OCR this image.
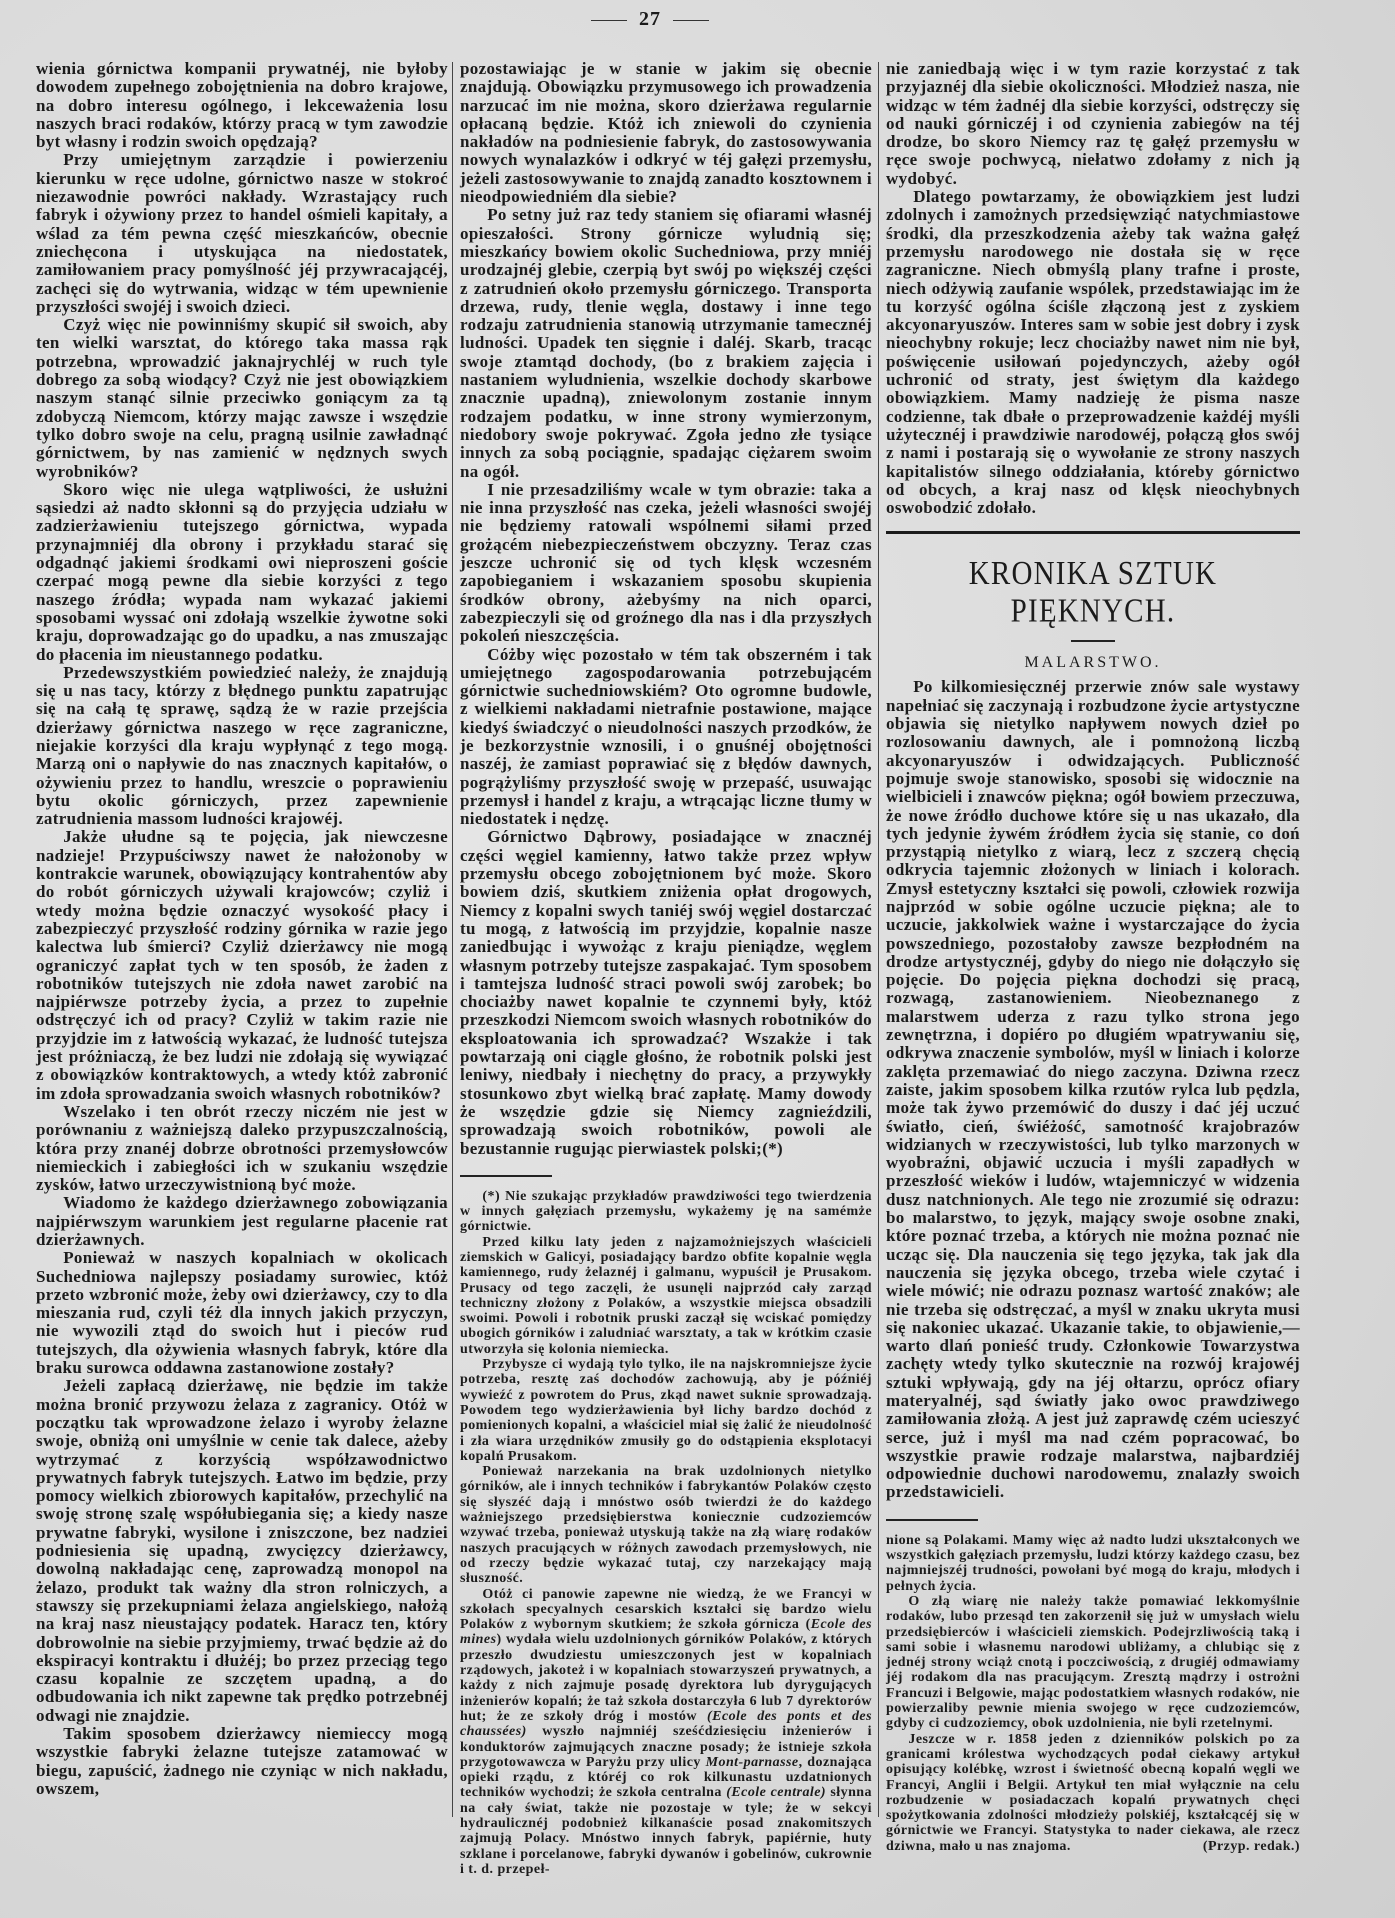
27

wienia górnictwa kompanii prywatnéj, nie byłoby dowodem zupełnego zobojętnienia na dobro krajowe, na dobro interesu ogólnego, i lekceważenia losu naszych braci rodaków, którzy pracą w tym zawodzie byt własny i rodzin swoich opędzają?

Przy umiejętnym zarządzie i powierzeniu kierunku w ręce udolne, górnictwo nasze w stokroć niezawodnie powróci nakłady. Wzrastający ruch fabryk i ożywiony przez to handel ośmieli kapitały, a wślad za tém pewna część mieszkańców, obecnie zniechęcona i utyskująca na niedostatek, zamiłowaniem pracy pomyślność jéj przywracającéj, zachęci się do wytrwania, widząc w tém upewnienie przyszłości swojéj i swoich dzieci.

Czyż więc nie powinniśmy skupić sił swoich, aby ten wielki warsztat, do którego taka massa rąk potrzebna, wprowadzić jaknajrychléj w ruch tyle dobrego za sobą wiodący? Czyż nie jest obowiązkiem naszym stanąć silnie przeciwko goniącym za tą zdobyczą Niemcom, którzy mając zawsze i wszędzie tylko dobro swoje na celu, pragną usilnie zawładnąć górnictwem, by nas zamienić w nędznych swych wyrobników?

Skoro więc nie ulega wątpliwości, że usłużni sąsiedzi aż nadto skłonni są do przyjęcia udziału w zadzierżawieniu tutejszego górnictwa, wypada przynajmniéj dla obrony i przykładu starać się odgadnąć jakiemi środkami owi nieproszeni goście czerpać mogą pewne dla siebie korzyści z tego naszego źródła; wypada nam wykazać jakiemi sposobami wyssać oni zdołają wszelkie żywotne soki kraju, doprowadzając go do upadku, a nas zmuszając do płacenia im nieustannego podatku.

Przedewszystkiém powiedzieć należy, że znajdują się u nas tacy, którzy z błędnego punktu zapatrując się na całą tę sprawę, sądzą że w razie przejścia dzierżawy górnictwa naszego w ręce zagraniczne, niejakie korzyści dla kraju wypłynąć z tego mogą. Marzą oni o napływie do nas znacznych kapitałów, o ożywieniu przez to handlu, wreszcie o poprawieniu bytu okolic górniczych, przez zapewnienie zatrudnienia massom ludności krajowéj.

Jakże ułudne są te pojęcia, jak niewczesne nadzieje! Przypuściwszy nawet że nałożonoby w kontrakcie warunek, obowiązujący kontrahentów aby do robót górniczych używali krajowców; czyliż i wtedy można będzie oznaczyć wysokość płacy i zabezpieczyć przyszłość rodziny górnika w razie jego kalectwa lub śmierci? Czyliż dzierżawcy nie mogą ograniczyć zapłat tych w ten sposób, że żaden z robotników tutejszych nie zdoła nawet zarobić na najpiérwsze potrzeby życia, a przez to zupełnie odstręczyć ich od pracy? Czyliż w takim razie nie przyjdzie im z łatwością wykazać, że ludność tutejsza jest próżniaczą, że bez ludzi nie zdołają się wywiązać z obowiązków kontraktowych, a wtedy któż zabronić im zdoła sprowadzania swoich własnych robotników?

Wszelako i ten obrót rzeczy niczém nie jest w porównaniu z ważniejszą daleko przypuszczalnością, która przy znanéj dobrze obrotności przemysłowców niemieckich i zabiegłości ich w szukaniu wszędzie zysków, łatwo urzeczywistnioną być może.

Wiadomo że każdego dzierżawnego zobowiązania najpiérwszym warunkiem jest regularne płacenie rat dzierżawnych.

Ponieważ w naszych kopalniach w okolicach Suchedniowa najlepszy posiadamy surowiec, któż przeto wzbronić może, żeby owi dzierżawcy, czy to dla mieszania rud, czyli téż dla innych jakich przyczyn, nie wywozili ztąd do swoich hut i pieców rud tutejszych, dla ożywienia własnych fabryk, które dla braku surowca oddawna zastanowione zostały?

Jeżeli zapłacą dzierżawę, nie będzie im także można bronić przywozu żelaza z zagranicy. Otóż w początku tak wprowadzone żelazo i wyroby żelazne swoje, obniżą oni umyślnie w cenie tak dalece, ażeby wytrzymać z korzyścią współzawodnictwo prywatnych fabryk tutejszych. Łatwo im będzie, przy pomocy wielkich zbiorowych kapitałów, przechylić na swoję stronę szalę współubiegania się; a kiedy nasze prywatne fabryki, wysilone i zniszczone, bez nadziei podniesienia się upadną, zwycięzcy dzierżawcy, dowolną nakładając cenę, zaprowadzą monopol na żelazo, produkt tak ważny dla stron rolniczych, a stawszy się przekupniami żelaza angielskiego, nałożą na kraj nasz nieustający podatek. Haracz ten, który dobrowolnie na siebie przyjmiemy, trwać będzie aż do ekspiracyi kontraktu i dłużéj; bo przez przeciąg tego czasu kopalnie ze szczętem upadną, a do odbudowania ich nikt zapewne tak prędko potrzebnéj odwagi nie znajdzie.

Takim sposobem dzierżawcy niemieccy mogą wszystkie fabryki żelazne tutejsze zatamować w biegu, zapuścić, żadnego nie czyniąc w nich nakładu, owszem,

pozostawiając je w stanie w jakim się obecnie znajdują. Obowiązku przymusowego ich prowadzenia narzucać im nie można, skoro dzierżawa regularnie opłacaną będzie. Któż ich zniewoli do czynienia nakładów na podniesienie fabryk, do zastosowywania nowych wynalazków i odkryć w téj gałęzi przemysłu, jeżeli zastosowywanie to znajdą zanadto kosztownem i nieodpowiedniém dla siebie?

Po setny już raz tedy staniem się ofiarami własnéj opieszałości. Strony górnicze wyludnią się; mieszkańcy bowiem okolic Suchedniowa, przy mniéj urodzajnéj glebie, czerpią byt swój po większéj części z zatrudnień około przemysłu górniczego. Transporta drzewa, rudy, tlenie węgla, dostawy i inne tego rodzaju zatrudnienia stanowią utrzymanie tamecznéj ludności. Upadek ten sięgnie i daléj. Skarb, tracąc swoje ztamtąd dochody, (bo z brakiem zajęcia i nastaniem wyludnienia, wszelkie dochody skarbowe znacznie upadną), zniewolonym zostanie innym rodzajem podatku, w inne strony wymierzonym, niedobory swoje pokrywać. Zgoła jedno złe tysiące innych za sobą pociągnie, spadając ciężarem swoim na ogół.

I nie przesadziliśmy wcale w tym obrazie: taka a nie inna przyszłość nas czeka, jeżeli własności swojéj nie będziemy ratowali wspólnemi siłami przed grożącém niebezpieczeństwem obczyzny. Teraz czas jeszcze uchronić się od tych klęsk wczesném zapobieganiem i wskazaniem sposobu skupienia środków obrony, ażebyśmy na nich oparci, zabezpieczyli się od groźnego dla nas i dla przyszłych pokoleń nieszczęścia.

Cóżby więc pozostało w tém tak obszerném i tak umiejętnego zagospodarowania potrzebującém górnictwie suchedniowskiém? Oto ogromne budowle, z wielkiemi nakładami nietrafnie postawione, mające kiedyś świadczyć o nieudolności naszych przodków, że je bezkorzystnie wznosili, i o gnuśnéj obojętności naszéj, że zamiast poprawiać się z błędów dawnych, pogrążyliśmy przyszłość swoję w przepaść, usuwając przemysł i handel z kraju, a wtrącając liczne tłumy w niedostatek i nędzę.

Górnictwo Dąbrowy, posiadające w znacznéj części węgiel kamienny, łatwo także przez wpływ przemysłu obcego zobojętnionem być może. Skoro bowiem dziś, skutkiem zniżenia opłat drogowych, Niemcy z kopalni swych taniéj swój węgiel dostarczać tu mogą, z łatwością im przyjdzie, kopalnie nasze zaniedbując i wywożąc z kraju pieniądze, węglem własnym potrzeby tutejsze zaspakajać. Tym sposobem i tamtejsza ludność straci powoli swój zarobek; bo chociażby nawet kopalnie te czynnemi były, któż przeszkodzi Niemcom swoich własnych robotników do eksploatowania ich sprowadzać? Wszakże i tak powtarzają oni ciągle głośno, że robotnik polski jest leniwy, niedbały i niechętny do pracy, a przywykły stosunkowo zbyt wielką brać zapłatę. Mamy dowody że wszędzie gdzie się Niemcy zagnieździli, sprowadzają swoich robotników, powoli ale bezustannie rugując pierwiastek polski;(*)

(*) Nie szukając przykładów prawdziwości tego twierdzenia w innych gałęziach przemysłu, wykażemy ję na samémże górnictwie.

Przed kilku laty jeden z najzamożniejszych właścicieli ziemskich w Galicyi, posiadający bardzo obfite kopalnie węgla kamiennego, rudy żelaznéj i galmanu, wypuścił je Prusakom. Prusacy od tego zaczęli, że usunęli najprzód cały zarząd techniczny złożony z Polaków, a wszystkie miejsca obsadzili swoimi. Powoli i robotnik pruski zaczął się wciskać pomiędzy ubogich górników i zaludniać warsztaty, a tak w krótkim czasie utworzyła się kolonia niemiecka.

Przybysze ci wydają tylo tylko, ile na najskromniejsze życie potrzeba, resztę zaś dochodów zachowują, aby je późniéj wywieźć z powrotem do Prus, zkąd nawet suknie sprowadzają. Powodem tego wydzierżawienia był lichy bardzo dochód z pomienionych kopalni, a właściciel miał się żalić że nieudolność i zła wiara urzędników zmusiły go do odstąpienia eksplotacyi kopalń Prusakom.

Ponieważ narzekania na brak uzdolnionych nietylko górników, ale i innych techników i fabrykantów Polaków często się słyszéć dają i mnóstwo osób twierdzi że do każdego ważniejszego przedsiębierstwa koniecznie cudzoziemców wzywać trzeba, ponieważ utyskują także na złą wiarę rodaków naszych pracujących w różnych zawodach przemysłowych, nie od rzeczy będzie wykazać tutaj, czy narzekający mają słuszność.

Otóż ci panowie zapewne nie wiedzą, że we Francyi w szkołach specyalnych cesarskich kształci się bardzo wielu Polaków z wybornym skutkiem; że szkoła górnicza (Ecole des mines) wydała wielu uzdolnionych górników Polaków, z których przeszło dwudziestu umieszczonych jest w kopalniach rządowych, jakoteż i w kopalniach stowarzyszeń prywatnych, a każdy z nich zajmuje posadę dyrektora lub dyrygujących inżenierów kopalń; że taż szkoła dostarczyła 6 lub 7 dyrektorów hut; że ze szkoły dróg i mostów (Ecole des ponts et des chaussées) wyszło najmniéj sześćdziesięciu inżenierów i konduktorów zajmujących znaczne posady; że istnieje szkoła przygotowawcza w Paryżu przy ulicy Mont-parnasse, doznająca opieki rządu, z któréj co rok kilkunastu uzdatnionych techników wychodzi; że szkoła centralna (Ecole centrale) słynna na cały świat, także nie pozostaje w tyle; że w sekcyi hydraulicznéj podobnież kilkanaście posad znakomitszych zajmują Polacy. Mnóstwo innych fabryk, papiérnie, huty szklane i porcelanowe, fabryki dywanów i gobelinów, cukrownie i t. d. przepeł-

nie zaniedbają więc i w tym razie korzystać z tak przyjaznéj dla siebie okoliczności. Młodzież nasza, nie widząc w tém żadnéj dla siebie korzyści, odstręczy się od nauki górniczéj i od czynienia zabiegów na téj drodze, bo skoro Niemcy raz tę gałęź przemysłu w ręce swoje pochwycą, niełatwo zdołamy z nich ją wydobyć.

Dlatego powtarzamy, że obowiązkiem jest ludzi zdolnych i zamożnych przedsięwziąć natychmiastowe środki, dla przeszkodzenia ażeby tak ważna gałęź przemysłu narodowego nie dostała się w ręce zagraniczne. Niech obmyślą plany trafne i proste, niech odżywią zaufanie wspólek, przedstawiając im że tu korzyść ogólna ściśle złączoną jest z zyskiem akcyonaryuszów. Interes sam w sobie jest dobry i zysk nieochybny rokuje; lecz chociażby nawet nim nie był, poświęcenie usiłowań pojedynczych, ażeby ogół uchronić od straty, jest świętym dla każdego obowiązkiem. Mamy nadzieję że pisma nasze codzienne, tak dbałe o przeprowadzenie każdéj myśli użytecznéj i prawdziwie narodowéj, połączą głos swój z nami i postarają się o wywołanie ze strony naszych kapitalistów silnego oddziałania, któreby górnictwo od obcych, a kraj nasz od klęsk nieochybnych oswobodzić zdołało.

KRONIKA SZTUK PIĘKNYCH.
MALARSTWO.

Po kilkomiesięcznéj przerwie znów sale wystawy napełniać się zaczynają i rozbudzone życie artystyczne objawia się nietylko napływem nowych dzieł po rozlosowaniu dawnych, ale i pomnożoną liczbą akcyonaryuszów i odwidzających. Publiczność pojmuje swoje stanowisko, sposobi się widocznie na wielbicieli i znawców piękna; ogół bowiem przeczuwa, że nowe źródło duchowe które się u nas ukazało, dla tych jedynie żywém źródłem życia się stanie, co doń przystąpią nietylko z wiarą, lecz z szczerą chęcią odkrycia tajemnic złożonych w liniach i kolorach. Zmysł estetyczny kształci się powoli, człowiek rozwija najprzód w sobie ogólne uczucie piękna; ale to uczucie, jakkolwiek ważne i wystarczające do życia powszedniego, pozostałoby zawsze bezpłodném na drodze artystycznéj, gdyby do niego nie dołączyło się pojęcie. Do pojęcia piękna dochodzi się pracą, rozwagą, zastanowieniem. Nieobeznanego z malarstwem uderza z razu tylko strona jego zewnętrzna, i dopiéro po długiém wpatrywaniu się, odkrywa znaczenie symbolów, myśl w liniach i kolorze zaklęta przemawiać do niego zaczyna. Dziwna rzecz zaiste, jakim sposobem kilka rzutów rylca lub pędzla, może tak żywo przemówić do duszy i dać jéj uczuć światło, cień, świéżość, samotność krajobrazów widzianych w rzeczywistości, lub tylko marzonych w wyobraźni, objawić uczucia i myśli zapadłych w przeszłość wieków i ludów, wtajemniczyć w widzenia dusz natchnionych. Ale tego nie zrozumié się odrazu: bo malarstwo, to język, mający swoje osobne znaki, które poznać trzeba, a których nie można poznać nie ucząc się. Dla nauczenia się tego języka, tak jak dla nauczenia się języka obcego, trzeba wiele czytać i wiele mówić; nie odrazu poznasz wartość znaków; ale nie trzeba się odstręczać, a myśl w znaku ukryta musi się nakoniec ukazać. Ukazanie takie, to objawienie,—warto dlań ponieść trudy. Członkowie Towarzystwa zachęty wtedy tylko skutecznie na rozwój krajowéj sztuki wpływają, gdy na jéj ołtarzu, oprócz ofiary materyalnéj, sąd światły jako owoc prawdziwego zamiłowania złożą. A jest już zaprawdę czém ucieszyć serce, już i myśl ma nad czém popracować, bo wszystkie prawie rodzaje malarstwa, najbardziéj odpowiednie duchowi narodowemu, znalazły swoich przedstawicieli.

nione są Polakami. Mamy więc aż nadto ludzi ukształconych we wszystkich gałęziach przemysłu, ludzi którzy każdego czasu, bez najmniejszéj trudności, powołani być mogą do kraju, młodych i pełnych życia.

O złą wiarę nie należy także pomawiać lekkomyślnie rodaków, lubo przesąd ten zakorzenił się już w umysłach wielu przedsiębierców i właścicieli ziemskich. Podejrzliwością taką i sami sobie i własnemu narodowi ubliżamy, a chlubiąc się z jednéj strony wciąż cnotą i poczciwością, z drugiéj odmawiamy jéj rodakom dla nas pracującym. Zresztą mądrzy i ostrożni Francuzi i Belgowie, mając podostatkiem własnych rodaków, nie powierzaliby pewnie mienia swojego w ręce cudzoziemców, gdyby ci cudzoziemcy, obok uzdolnienia, nie byli rzetelnymi.

Jeszcze w r. 1858 jeden z dzienników polskich po za granicami królestwa wychodzących podał ciekawy artykuł opisujący kolébkę, wzrost i świetność obecną kopalń węgli we Francyi, Anglii i Belgii. Artykuł ten miał wyłącznie na celu rozbudzenie w posiadaczach kopalń prywatnych chęci spożytkowania zdolności młodzieży polskiéj, kształcącéj się w górnictwie we Francyi. Statystyka to nader ciekawa, ale rzecz dziwna, mało u nas znajoma.	(Przyp. redak.)
